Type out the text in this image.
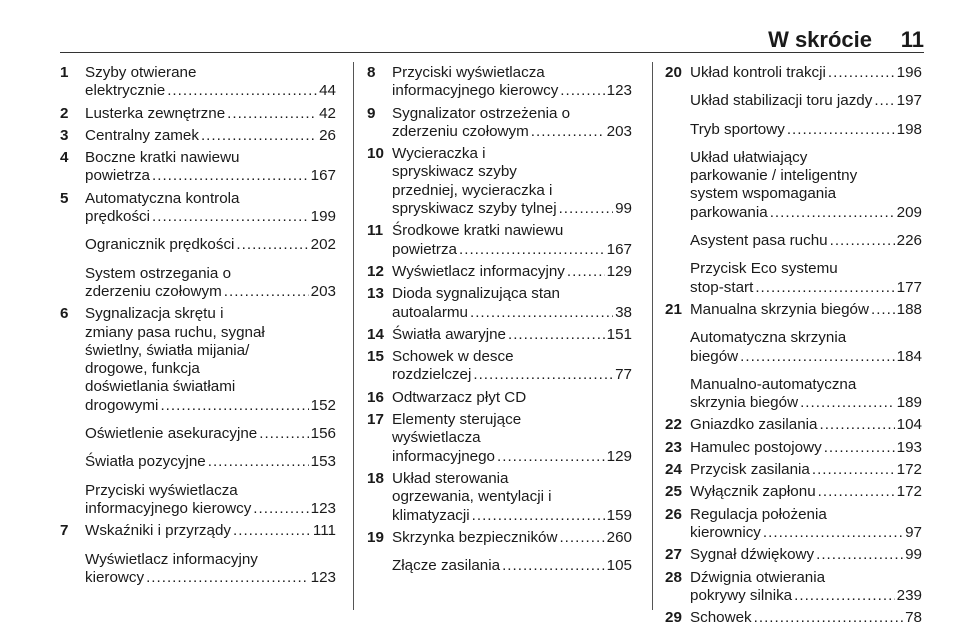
W skrócie 11
1	Szyby otwierane
elektrycznie .....	44
2	Lusterka zewnętrzne .....	42
3	Centralny zamek .....	26
4	Boczne kratki nawiewu
powietrza .....	167
5	Automatyczna kontrola
prędkości .....	199
Ogranicznik prędkości .....	202
System ostrzegania o
zderzeniu czołowym .....	203
6	Sygnalizacja skrętu i
zmiany pasa ruchu, sygnał
świetlny, światła mijania/
drogowe, funkcja
doświetlania światłami
drogowymi .....	152
Oświetlenie asekuracyjne .....	156
Światła pozycyjne .....	153
Przyciski wyświetlacza
informacyjnego kierowcy .....	123
7	Wskaźniki i przyrządy .....	111
Wyświetlacz informacyjny
kierowcy .....	123
8	Przyciski wyświetlacza
informacyjnego kierowcy .....	123
9	Sygnalizator ostrzeżenia o
zderzeniu czołowym .....	203
10 Wycieraczka i
spryskiwacz szyby
przedniej, wycieraczka i
spryskiwacz szyby tylnej .....	99
11 Środkowe kratki nawiewu
powietrza .....	167
12 Wyświetlacz informacyjny .....	129
13 Dioda sygnalizująca stan
autoalarmu .....	38
14 Światła awaryjne .....	151
15 Schowek w desce
rozdzielczej .....	77
16 Odtwarzacz płyt CD
17 Elementy sterujące
wyświetlacza
informacyjnego .....	129
18 Układ sterowania
ogrzewania, wentylacji i
klimatyzacji .....	159
19 Skrzynka bezpieczników .....	260
Złącze zasilania .....	105
20 Układ kontroli trakcji .....	196
Układ stabilizacji toru jazdy ..... 197
Tryb sportowy .....	198
Układ ułatwiający
parkowanie / inteligentny
system wspomagania
parkowania .....	209
Asystent pasa ruchu .....	226
Przycisk Eco systemu
stop-start .....	177
21 Manualna skrzynia biegów ..... 188
Automatyczna skrzynia
biegów .....	184
Manualno-automatyczna
skrzynia biegów .....	189
22 Gniazdko zasilania .....	104
23 Hamulec postojowy .....	193
24 Przycisk zasilania .....	172
25 Wyłącznik zapłonu .....	172
26 Regulacja położenia
kierownicy .....	97
27 Sygnał dźwiękowy .....	99
28 Dźwignia otwierania
pokrywy silnika .....	239
29 Schowek .....	78
